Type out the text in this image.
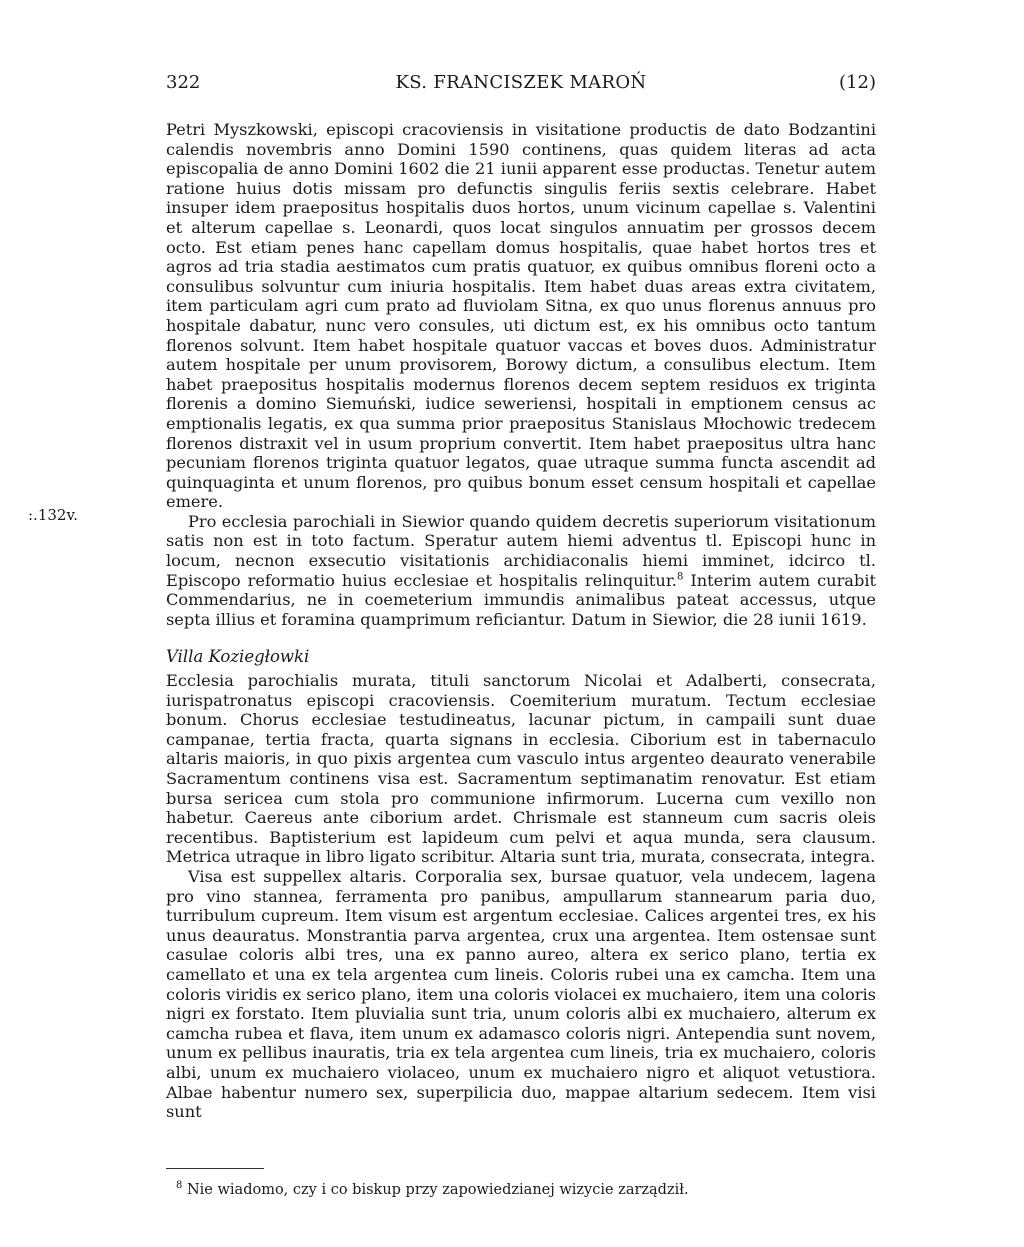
322	KS. FRANCISZEK MAROŃ	(12)
:.132v.

Petri Myszkowski, episcopi cracoviensis in visitatione productis de dato Bodzantini calendis novembris anno Domini 1590 continens, quas quidem literas ad acta episcopalia de anno Domini 1602 die 21 iunii apparent esse productas. Tenetur autem ratione huius dotis missam pro defunctis singulis feriis sextis celebrare. Habet insuper idem praepositus hospitalis duos hortos, unum vicinum capellae s. Valentini et alterum capellae s. Leonardi, quos locat singulos annuatim per grossos decem octo. Est etiam penes hanc capellam domus hospitalis, quae habet hortos tres et agros ad tria stadia aestimatos cum pratis quatuor, ex quibus omnibus floreni octo a consulibus solvuntur cum iniuria hospitalis. Item habet duas areas extra civitatem, item particulam agri cum prato ad fluviolam Sitna, ex quo unus florenus annuus pro hospitale dabatur, nunc vero consules, uti dictum est, ex his omnibus octo tantum florenos solvunt. Item habet hospitale quatuor vaccas et boves duos. Administratur autem hospitale per unum provisorem, Borowy dictum, a consulibus electum. Item habet praepositus hospitalis modernus florenos decem septem residuos ex triginta florenis a domino Siemuński, iudice seweriensi, hospitali in emptionem census ac emptionalis legatis, ex qua summa prior praepositus Stanislaus Młochowic tredecem florenos distraxit vel in usum proprium convertit. Item habet praepositus ultra hanc pecuniam florenos triginta quatuor legatos, quae utraque summa functa ascendit ad quinquaginta et unum florenos, pro quibus bonum esset censum hospitali et capellae emere.

Pro ecclesia parochiali in Siewior quando quidem decretis superiorum visitationum satis non est in toto factum. Speratur autem hiemi adventus tl. Episcopi hunc in locum, necnon exsecutio visitationis archidiaconalis hiemi imminet, idcirco tl. Episcopo reformatio huius ecclesiae et hospitalis relinquitur.$^8$ Interim autem curabit Commendarius, ne in coemeterium immundis animalibus pateat accessus, utque septa illius et foramina quamprimum reficiantur. Datum in Siewior, die 28 iunii 1619.

Villa Koziegłowki

Ecclesia parochialis murata, tituli sanctorum Nicolai et Adalberti, consecrata, iurispatronatus episcopi cracoviensis. Coemiterium muratum. Tectum ecclesiae bonum. Chorus ecclesiae testudineatus, lacunar pictum, in campaili sunt duae campanae, tertia fracta, quarta signans in ecclesia. Ciborium est in tabernaculo altaris maioris, in quo pixis argentea cum vasculo intus argenteo deaurato venerabile Sacramentum continens visa est. Sacramentum septimanatim renovatur. Est etiam bursa sericea cum stola pro communione infirmorum. Lucerna cum vexillo non habetur. Caereus ante ciborium ardet. Chrismale est stanneum cum sacris oleis recentibus. Baptisterium est lapideum cum pelvi et aqua munda, sera clausum. Metrica utraque in libro ligato scribitur. Altaria sunt tria, murata, consecrata, integra.

Visa est suppellex altaris. Corporalia sex, bursae quatuor, vela undecem, lagena pro vino stannea, ferramenta pro panibus, ampullarum stannearum paria duo, turribulum cupreum. Item visum est argentum ecclesiae. Calices argentei tres, ex his unus deauratus. Monstrantia parva argentea, crux una argentea. Item ostensae sunt casulae coloris albi tres, una ex panno aureo, altera ex serico plano, tertia ex camellato et una ex tela argentea cum lineis. Coloris rubei una ex camcha. Item una coloris viridis ex serico plano, item una coloris violacei ex muchaiero, item una coloris nigri ex forstato. Item pluvialia sunt tria, unum coloris albi ex muchaiero, alterum ex camcha rubea et flava, item unum ex adamasco coloris nigri. Antependia sunt novem, unum ex pellibus inauratis, tria ex tela argentea cum lineis, tria ex muchaiero, coloris albi, unum ex muchaiero violaceo, unum ex muchaiero nigro et aliquot vetustiora. Albae habentur numero sex, superpilicia duo, mappae altarium sedecem. Item visi sunt

$^8$ Nie wiadomo, czy i co biskup przy zapowiedzianej wizycie zarządził.
